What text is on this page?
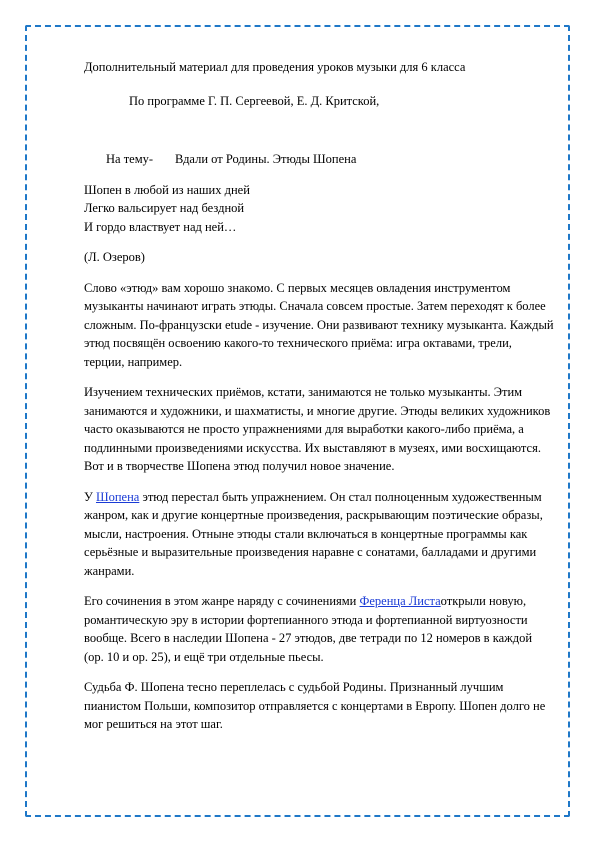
Дополнительный материал для проведения уроков музыки для 6 класса

По программе Г. П. Сергеевой, Е. Д. Критской,

На тему- Вдали от Родины. Этюды Шопена

Шопен в любой из наших дней
Легко вальсирует над бездной
И гордо властвует над ней…

(Л. Озеров)

Слово «этюд» вам хорошо знакомо. С первых месяцев овладения инструментом музыканты начинают играть этюды. Сначала совсем простые. Затем переходят к более сложным. По-французски etude - изучение. Они развивают технику музыканта. Каждый этюд посвящён освоению какого-то технического приёма: игра октавами, трели, терции, например.

Изучением технических приёмов, кстати, занимаются не только музыканты. Этим занимаются и художники, и шахматисты, и многие другие. Этюды великих художников часто оказываются не просто упражнениями для выработки какого-либо приёма, а подлинными произведениями искусства. Их выставляют в музеях, ими восхищаются. Вот и в творчестве Шопена этюд получил новое значение.

У Шопена этюд перестал быть упражнением. Он стал полноценным художественным жанром, как и другие концертные произведения, раскрывающим поэтические образы, мысли, настроения. Отныне этюды стали включаться в концертные программы как серьёзные и выразительные произведения наравне с сонатами, балладами и другими жанрами.

Его сочинения в этом жанре наряду с сочинениями Ференца Листаоткрыли новую, романтическую эру в истории фортепианного этюда и фортепианной виртуозности вообще. Всего в наследии Шопена - 27 этюдов, две тетради по 12 номеров в каждой (ор. 10 и ор. 25), и ещё три отдельные пьесы.

Судьба Ф. Шопена тесно переплелась с судьбой Родины. Признанный лучшим пианистом Польши, композитор отправляется с концертами в Европу. Шопен долго не мог решиться на этот шаг.
